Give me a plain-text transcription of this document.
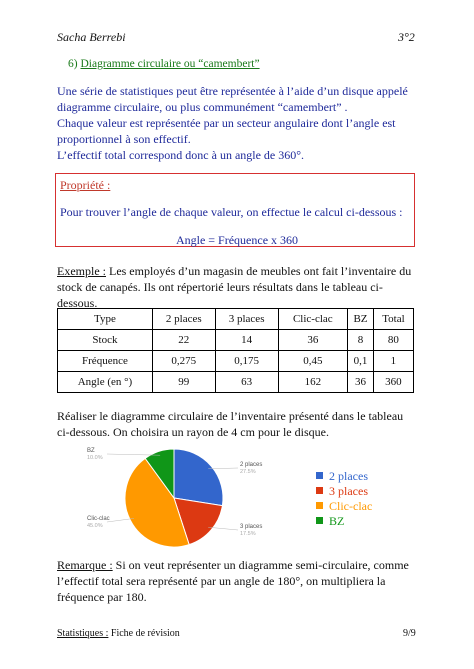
Sacha Berrebi	3°2
6) Diagramme circulaire ou “camembert”
Une série de statistiques peut être représentée à l’aide d’un disque appelé diagramme circulaire, ou plus communément “camembert” .
Chaque valeur est représentée par un secteur angulaire dont l’angle est proportionnel à son effectif.
L’effectif total correspond donc à un angle de 360°.
Propriété :
Pour trouver l’angle de chaque valeur, on effectue le calcul ci-dessous :
Angle = Fréquence x 360
Exemple : Les employés d’un magasin de meubles ont fait l’inventaire du stock de canapés. Ils ont répertorié leurs résultats dans le tableau ci-dessous.
Type	2 places	3 places	Clic-clac	BZ	Total
Stock	22	14	36	8	80
Fréquence	0,275	0,175	0,45	0,1	1
Angle (en °)	99	63	162	36	360
Réaliser le diagramme circulaire de l’inventaire présenté dans le tableau ci-dessous. On choisira un rayon de 4 cm pour le disque.
2 places
27.5%
3 places
17.5%
Clic-clac
45.0%
BZ
10.0%
2 places
3 places
Clic-clac
BZ
Remarque : Si on veut représenter un diagramme semi-circulaire, comme l’effectif total sera représenté par un angle de 180°, on multipliera la fréquence par 180.
Statistiques : Fiche de révision	9/9
